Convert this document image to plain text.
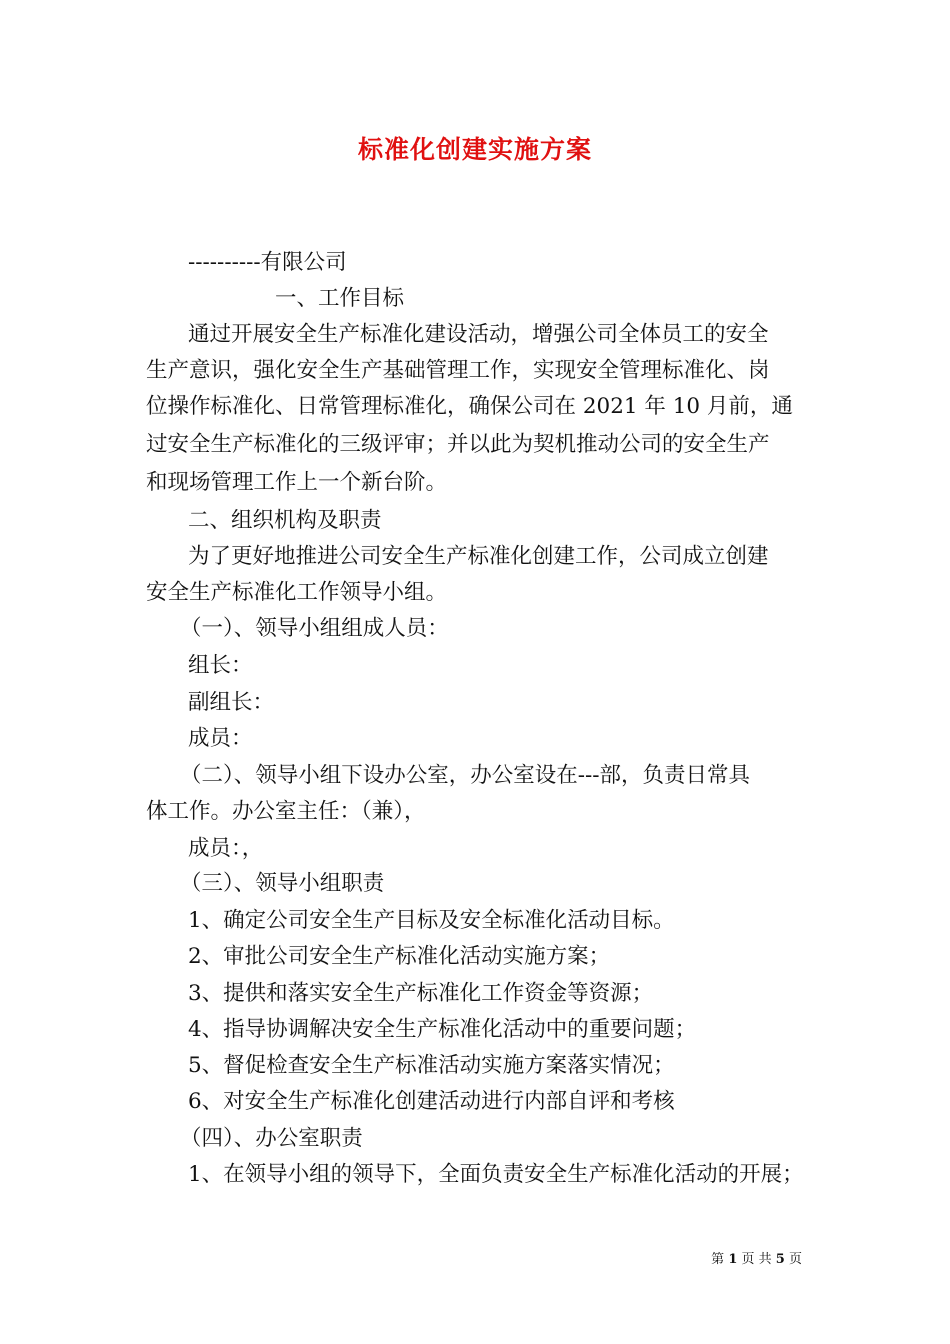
标准化创建实施方案
----------有限公司
一、工作目标
通过开展安全生产标准化建设活动，增强公司全体员工的安全
生产意识，强化安全生产基础管理工作，实现安全管理标准化、岗
位操作标准化、日常管理标准化，确保公司在 2021 年 10 月前，通
过安全生产标准化的三级评审；并以此为契机推动公司的安全生产
和现场管理工作上一个新台阶。
二、组织机构及职责
为了更好地推进公司安全生产标准化创建工作，公司成立创建
安全生产标准化工作领导小组。
（一）、领导小组组成人员：
组长：
副组长：
成员：
（二）、领导小组下设办公室，办公室设在---部，负责日常具
体工作。办公室主任：（兼），
成员：，
（三）、领导小组职责
1、确定公司安全生产目标及安全标准化活动目标。
2、审批公司安全生产标准化活动实施方案；
3、提供和落实安全生产标准化工作资金等资源；
4、指导协调解决安全生产标准化活动中的重要问题；
5、督促检查安全生产标准活动实施方案落实情况；
6、对安全生产标准化创建活动进行内部自评和考核
（四）、办公室职责
1、在领导小组的领导下，全面负责安全生产标准化活动的开展；
第 1 页 共 5 页
